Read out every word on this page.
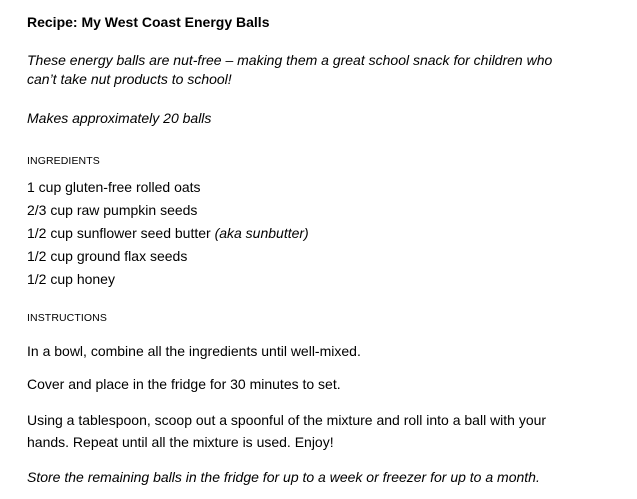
Recipe: My West Coast Energy Balls
These energy balls are nut-free – making them a great school snack for children who
can’t take nut products to school!
Makes approximately 20 balls
INGREDIENTS
1 cup gluten-free rolled oats
2/3 cup raw pumpkin seeds
1/2 cup sunflower seed butter (aka sunbutter)
1/2 cup ground flax seeds
1/2 cup honey
INSTRUCTIONS
In a bowl, combine all the ingredients until well-mixed.
Cover and place in the fridge for 30 minutes to set.
Using a tablespoon, scoop out a spoonful of the mixture and roll into a ball with your
hands. Repeat until all the mixture is used. Enjoy!
Store the remaining balls in the fridge for up to a week or freezer for up to a month.
